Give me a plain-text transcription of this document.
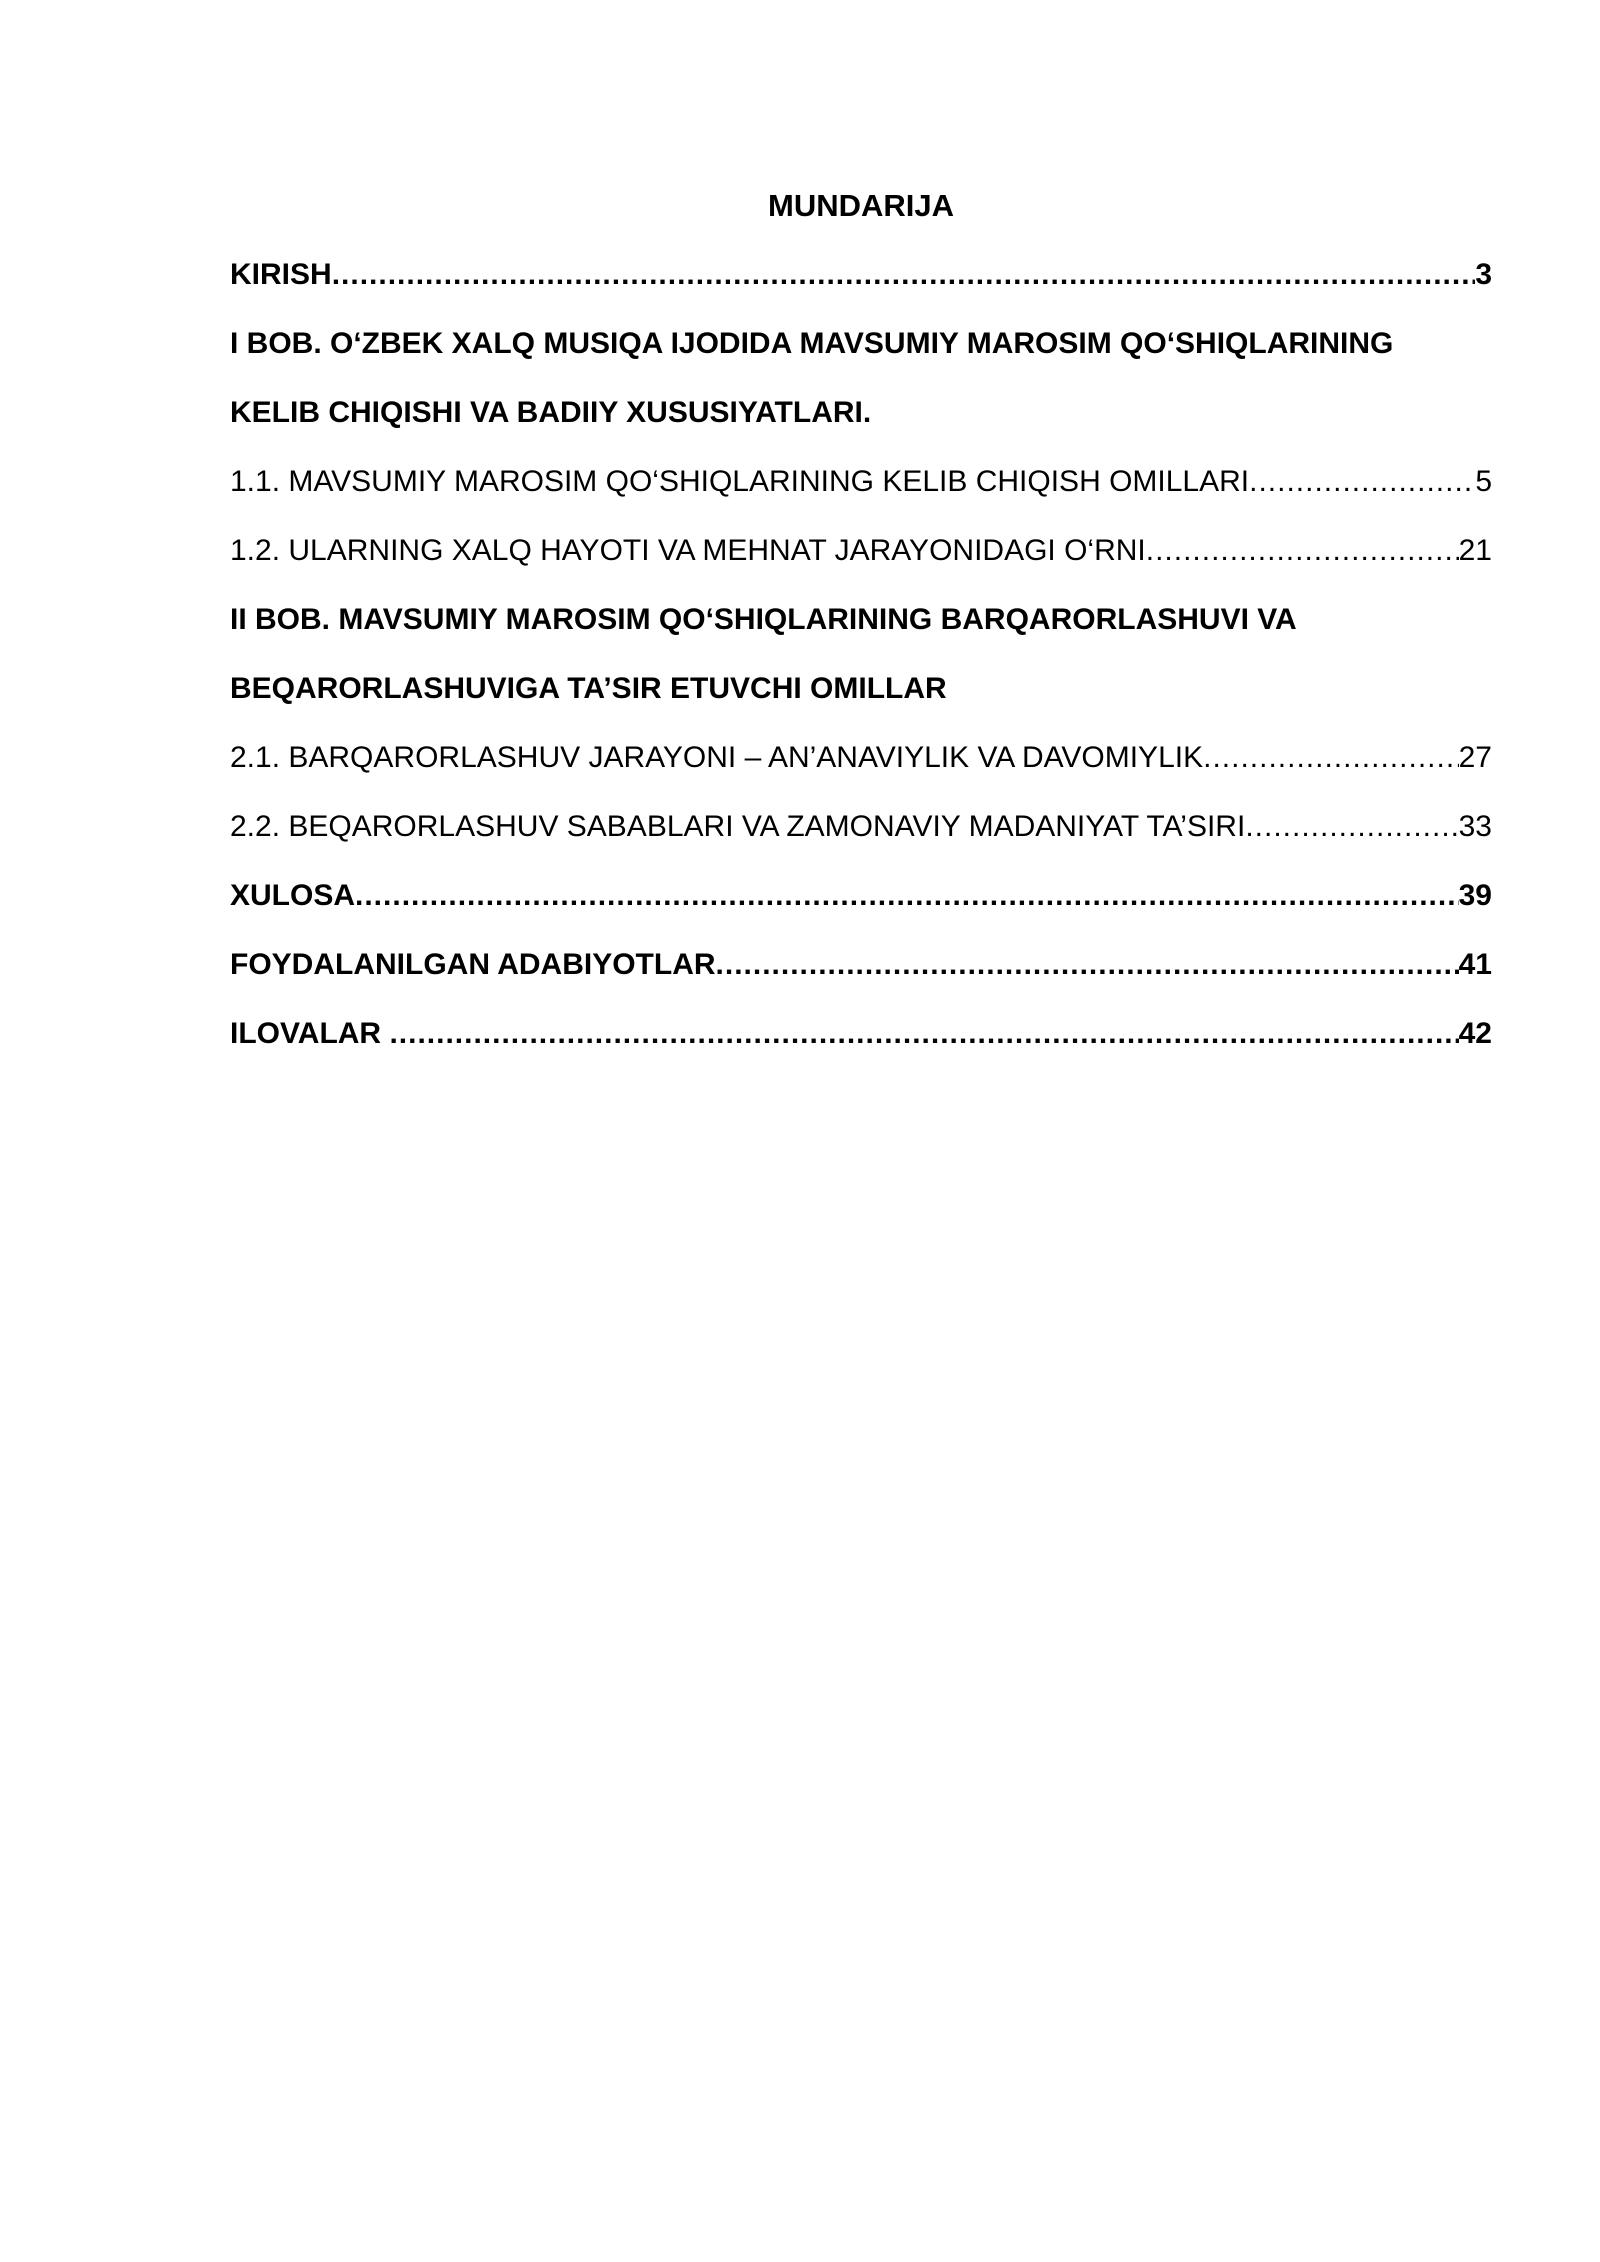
MUNDARIJA
KIRISH .....	3
I BOB. O‘ZBEK XALQ MUSIQA IJODIDA MAVSUMIY MAROSIM QO‘SHIQLARINING
KELIB CHIQISHI VA BADIIY XUSUSIYATLARI.
1.1. MAVSUMIY MAROSIM QO‘SHIQLARINING KELIB CHIQISH OMILLARI .....	5
1.2. ULARNING XALQ HAYOTI VA MEHNAT JARAYONIDAGI O‘RNI .....	21
II BOB. MAVSUMIY MAROSIM QO‘SHIQLARINING BARQARORLASHUVI VA
BEQARORLASHUVIGA TA’SIR ETUVCHI OMILLAR
2.1. BARQARORLASHUV JARAYONI – AN’ANAVIYLIK VA DAVOMIYLIK .....	27
2.2. BEQARORLASHUV SABABLARI VA ZAMONAVIY MADANIYAT TA’SIRI .....	33
XULOSA .....	39
FOYDALANILGAN ADABIYOTLAR .....	41
ILOVALAR .....	42
